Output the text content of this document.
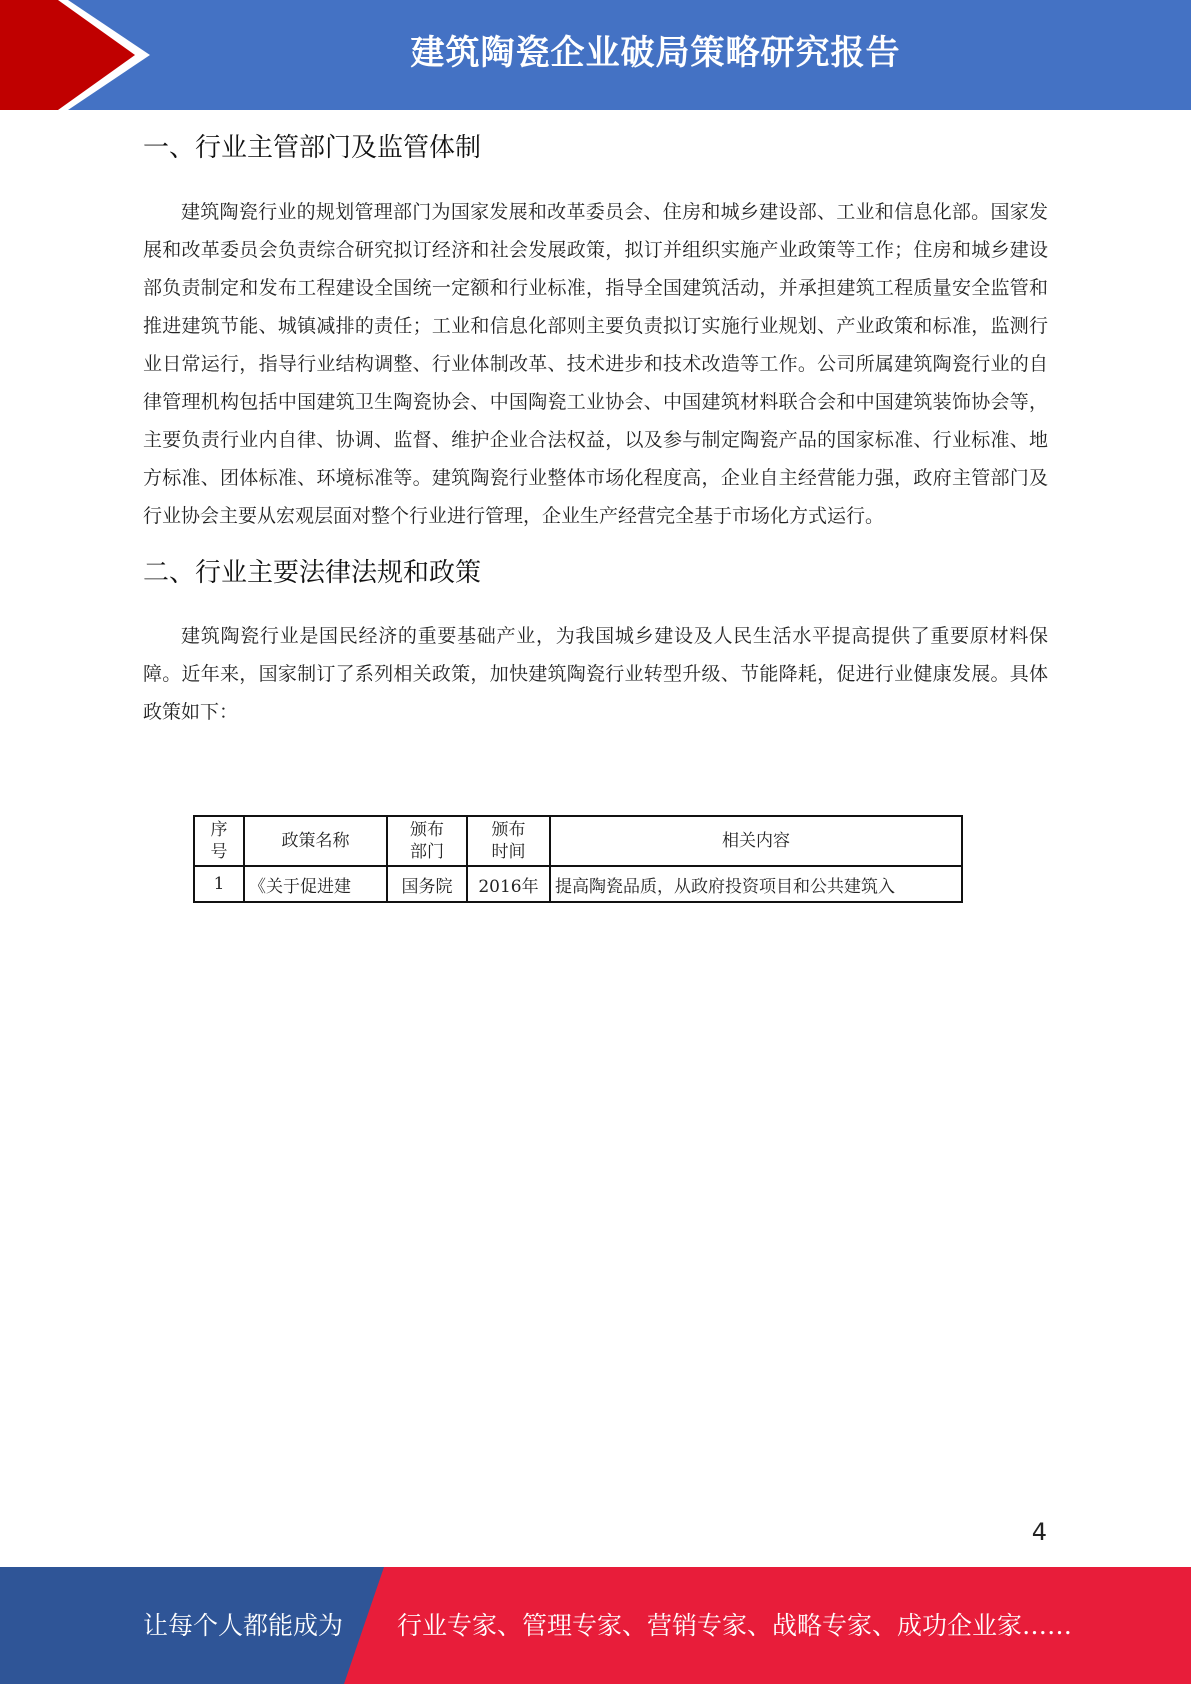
建筑陶瓷企业破局策略研究报告
一、行业主管部门及监管体制

建筑陶瓷行业的规划管理部门为国家发展和改革委员会、住房和城乡建设部、工业和信息化部。国家发展和改革委员会负责综合研究拟订经济和社会发展政策，拟订并组织实施产业政策等工作；住房和城乡建设部负责制定和发布工程建设全国统一定额和行业标准，指导全国建筑活动，并承担建筑工程质量安全监管和推进建筑节能、城镇减排的责任；工业和信息化部则主要负责拟订实施行业规划、产业政策和标准，监测行业日常运行，指导行业结构调整、行业体制改革、技术进步和技术改造等工作。公司所属建筑陶瓷行业的自律管理机构包括中国建筑卫生陶瓷协会、中国陶瓷工业协会、中国建筑材料联合会和中国建筑装饰协会等，主要负责行业内自律、协调、监督、维护企业合法权益，以及参与制定陶瓷产品的国家标准、行业标准、地方标准、团体标准、环境标准等。建筑陶瓷行业整体市场化程度高，企业自主经营能力强，政府主管部门及行业协会主要从宏观层面对整个行业进行管理，企业生产经营完全基于市场化方式运行。

二、行业主要法律法规和政策

建筑陶瓷行业是国民经济的重要基础产业，为我国城乡建设及人民生活水平提高提供了重要原材料保障。近年来，国家制订了系列相关政策，加快建筑陶瓷行业转型升级、节能降耗，促进行业健康发展。具体政策如下：

序号	政策名称	颁布部门	颁布时间	相关内容
1	《关于促进建	国务院	2016年	提高陶瓷品质，从政府投资项目和公共建筑入
4
让每个人都能成为 行业专家、管理专家、营销专家、战略专家、成功企业家……
